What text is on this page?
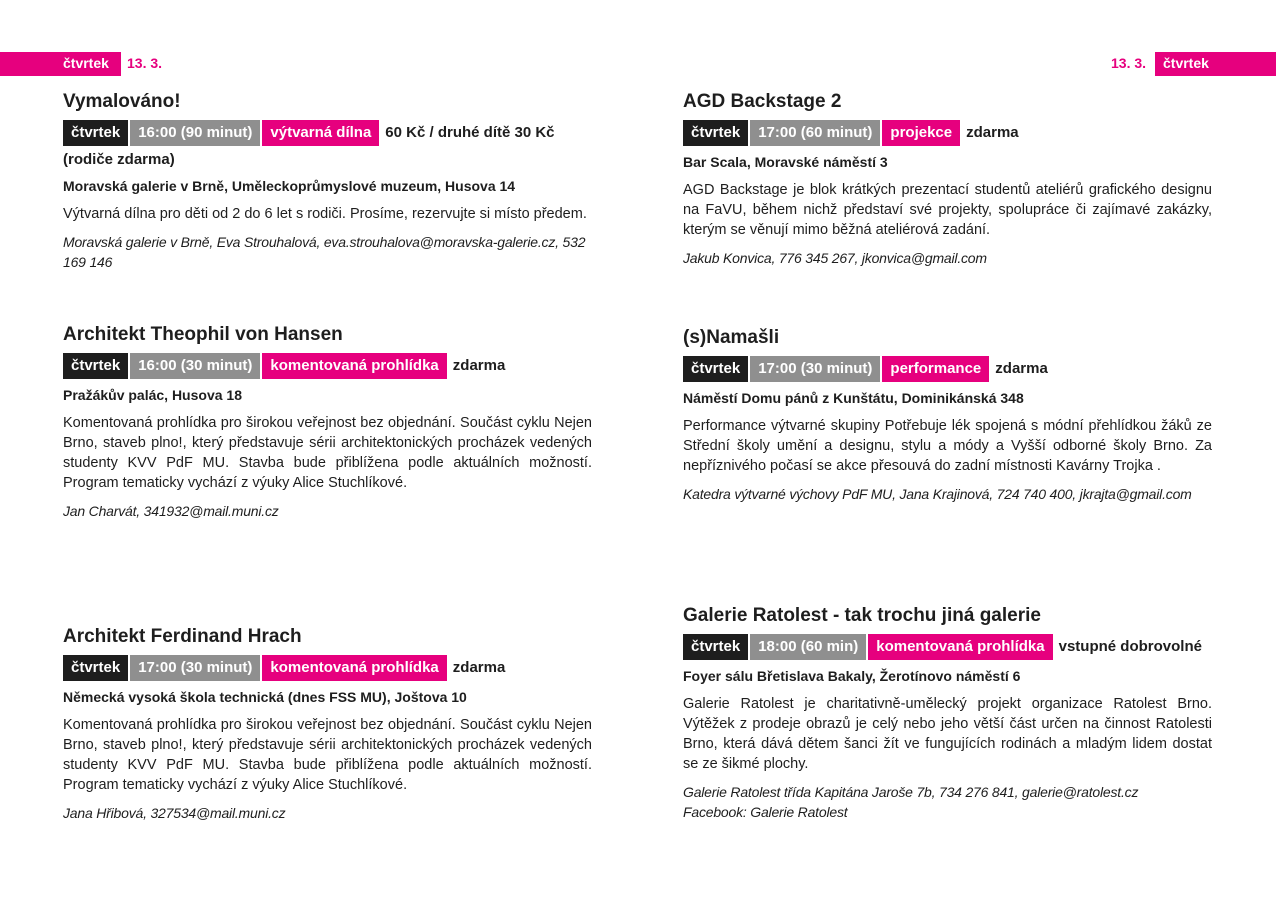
čtvrtek 13. 3.	13. 3. čtvrtek
Vymalováno!
čtvrtek 16:00 (90 minut) výtvarná dílna 60 Kč / druhé dítě 30 Kč
(rodiče zdarma)
Moravská galerie v Brně, Uměleckoprůmyslové muzeum, Husova 14
Výtvarná dílna pro děti od 2 do 6 let s rodiči. Prosíme, rezervujte si místo předem.
Moravská galerie v Brně, Eva Strouhalová, eva.strouhalova@moravska-galerie.cz, 532 169 146
Architekt Theophil von Hansen
čtvrtek 16:00 (30 minut) komentovaná prohlídka zdarma
Pražákův palác, Husova 18
Komentovaná prohlídka pro širokou veřejnost bez objednání. Součást cyklu Nejen Brno, staveb plno!, který představuje sérii architektonických procházek vedených studenty KVV PdF MU. Stavba bude přiblížena podle aktuálních možností. Program tematicky vychází z výuky Alice Stuchlíkové.
Jan Charvát, 341932@mail.muni.cz
Architekt Ferdinand Hrach
čtvrtek 17:00 (30 minut) komentovaná prohlídka zdarma
Německá vysoká škola technická (dnes FSS MU), Joštova 10
Komentovaná prohlídka pro širokou veřejnost bez objednání. Součást cyklu Nejen Brno, staveb plno!, který představuje sérii architektonických procházek vedených studenty KVV PdF MU. Stavba bude přiblížena podle aktuálních možností. Program tematicky vychází z výuky Alice Stuchlíkové.
Jana Hřibová, 327534@mail.muni.cz
AGD Backstage 2
čtvrtek 17:00 (60 minut) projekce zdarma
Bar Scala, Moravské náměstí 3
AGD Backstage je blok krátkých prezentací studentů ateliérů grafického designu na FaVU, během nichž představí své projekty, spolupráce či zajímavé zakázky, kterým se věnují mimo běžná ateliérová zadání.
Jakub Konvica, 776 345 267, jkonvica@gmail.com
(s)Namašli
čtvrtek 17:00 (30 minut) performance zdarma
Náměstí Domu pánů z Kunštátu, Dominikánská 348
Performance výtvarné skupiny Potřebuje lék spojená s módní přehlídkou žáků ze Střední školy umění a designu, stylu a módy a Vyšší odborné školy Brno. Za nepříznivého počasí se akce přesouvá do zadní místnosti Kavárny Trojka .
Katedra výtvarné výchovy PdF MU, Jana Krajinová, 724 740 400, jkrajta@gmail.com
Galerie Ratolest - tak trochu jiná galerie
čtvrtek 18:00 (60 min) komentovaná prohlídka vstupné dobrovolné
Foyer sálu Břetislava Bakaly, Žerotínovo náměstí 6
Galerie Ratolest je charitativně-umělecký projekt organizace Ratolest Brno. Výtěžek z prodeje obrazů je celý nebo jeho větší část určen na činnost Ratolesti Brno, která dává dětem šanci žít ve fungujících rodinách a mladým lidem dostat se ze šikmé plochy.
Galerie Ratolest třída Kapitána Jaroše 7b, 734 276 841, galerie@ratolest.cz
Facebook: Galerie Ratolest
